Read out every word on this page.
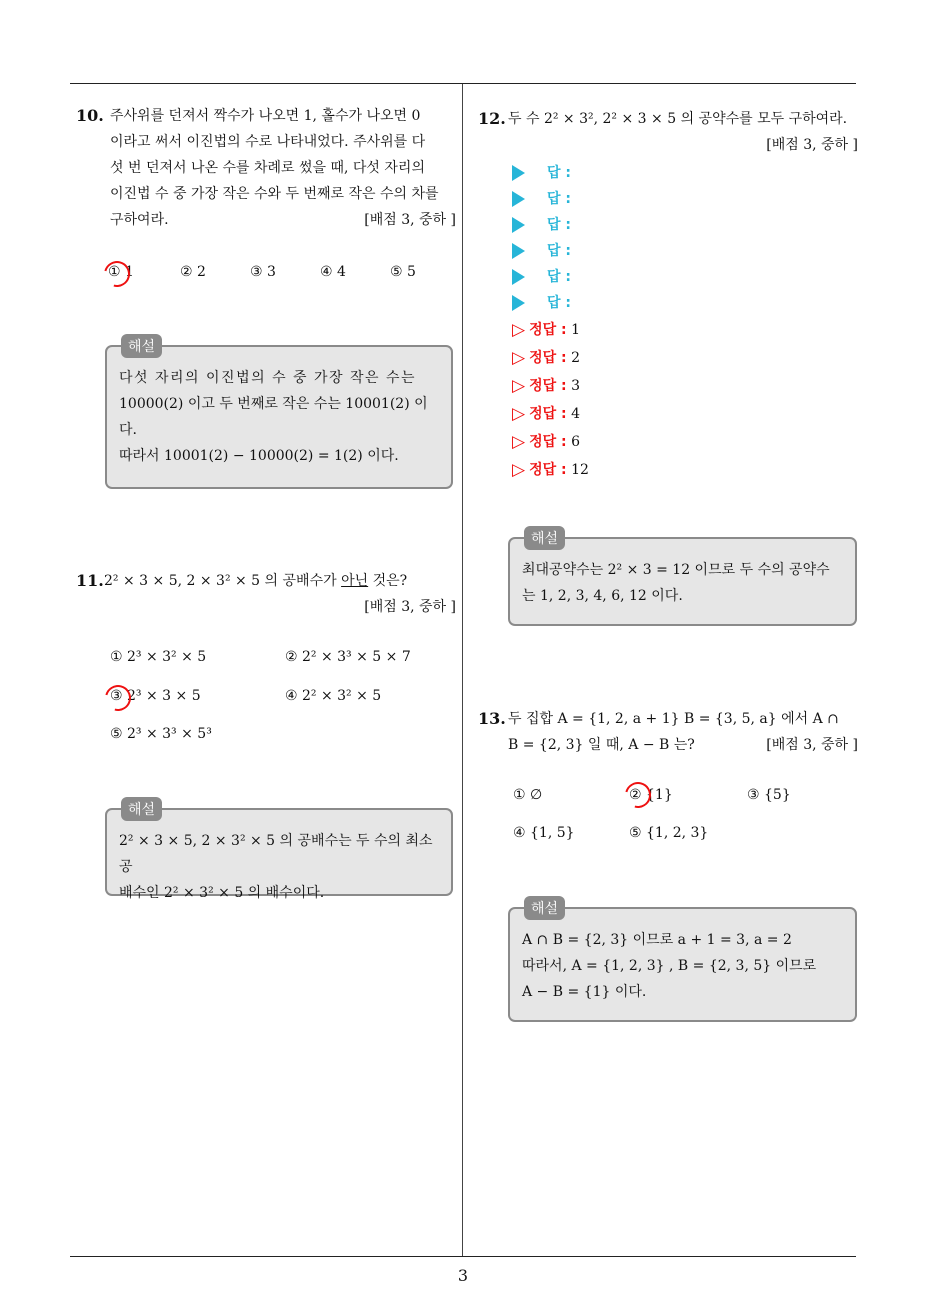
3
10. 주사위를 던져서 짝수가 나오면 1, 홀수가 나오면 0
이라고 써서 이진법의 수로 나타내었다. 주사위를 다
섯 번 던져서 나온 수를 차례로 썼을 때, 다섯 자리의
이진법 수 중 가장 작은 수와 두 번째로 작은 수의 차를
구하여라.	[배점 3, 중하 ]
① 1	② 2	③ 3	④ 4	⑤ 5
해설
다섯 자리의 이진법의 수 중 가장 작은 수는
10000(2) 이고 두 번째로 작은 수는 10001(2) 이
다.
따라서 10001(2) − 10000(2) = 1(2) 이다.
11. 2² × 3 × 5, 2 × 3² × 5 의 공배수가 아닌 것은?
[배점 3, 중하 ]
① 2³ × 3² × 5	② 2² × 3³ × 5 × 7
③ 2³ × 3 × 5	④ 2² × 3² × 5
⑤ 2³ × 3³ × 5³
해설
2² × 3 × 5, 2 × 3² × 5 의 공배수는 두 수의 최소공
배수인 2² × 3² × 5 의 배수이다.
12. 두 수 2² × 3², 2² × 3 × 5 의 공약수를 모두 구하여라.
[배점 3, 중하 ]
답 :
답 :
답 :
답 :
답 :
답 :
▷ 정답 : 1
▷ 정답 : 2
▷ 정답 : 3
▷ 정답 : 4
▷ 정답 : 6
▷ 정답 : 12
해설
최대공약수는 2² × 3 = 12 이므로 두 수의 공약수
는 1, 2, 3, 4, 6, 12 이다.
13. 두 집합 A = {1, 2, a + 1} B = {3, 5, a} 에서 A ∩
B = {2, 3} 일 때, A − B 는?	[배점 3, 중하 ]
① ∅	② {1}	③ {5}
④ {1, 5}	⑤ {1, 2, 3}
해설
A ∩ B = {2, 3} 이므로 a + 1 = 3, a = 2
따라서, A = {1, 2, 3} , B = {2, 3, 5} 이므로
A − B = {1} 이다.
